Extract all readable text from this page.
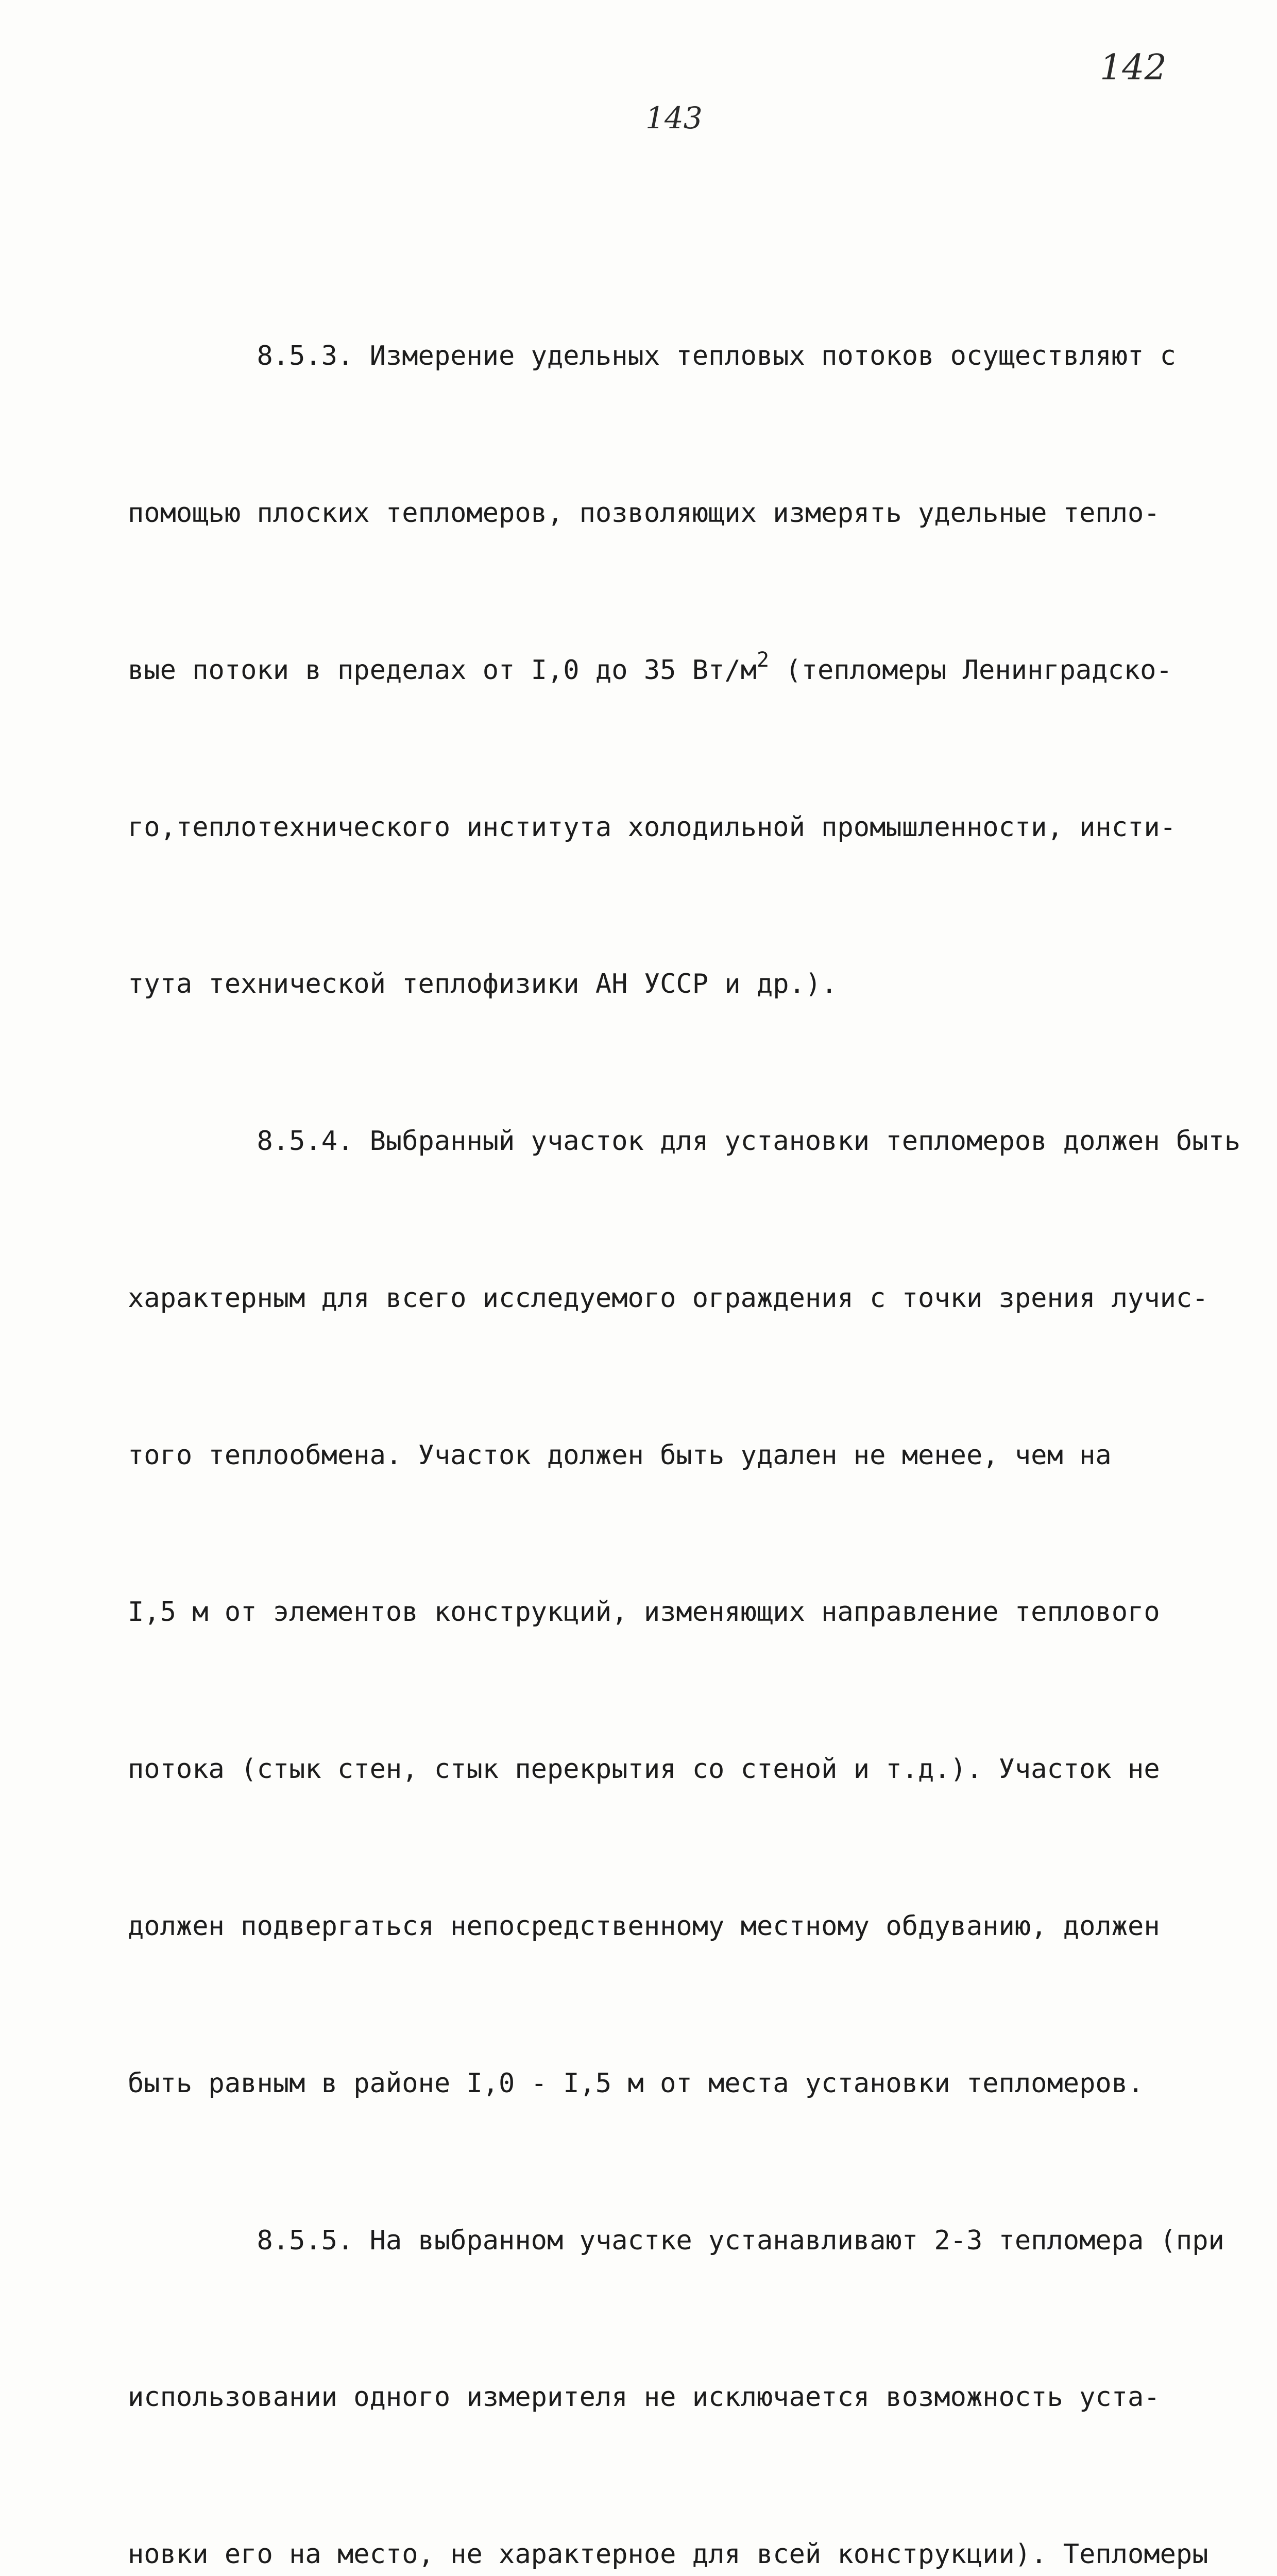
142
143

8.5.3. Измерение удельных тепловых потоков осуществляют с

помощью плоских тепломеров, позволяющих измерять удельные тепло-

вые потоки в пределах от I,0 до 35 $Вт/м^2$ (тепломеры Ленинградско-

го,теплотехнического института холодильной промышленности, инсти-

тута технической теплофизики АН УССР и др.).

8.5.4. Выбранный участок для установки тепломеров должен быть

характерным для всего исследуемого ограждения с точки зрения лучис-

того теплообмена. Участок должен быть удален не менее, чем на

I,5 м от элементов конструкций, изменяющих направление теплового

потока (стык стен, стык перекрытия со стеной и т.д.). Участок не

должен подвергаться непосредственному местному обдуванию, должен

быть равным в районе I,0 - I,5 м от места установки тепломеров.

8.5.5. На выбранном участке устанавливают 2-3 тепломера (при

использовании одного измерителя не исключается возможность уста-

новки его на место, не характерное для всей конструкции). Тепломеры
